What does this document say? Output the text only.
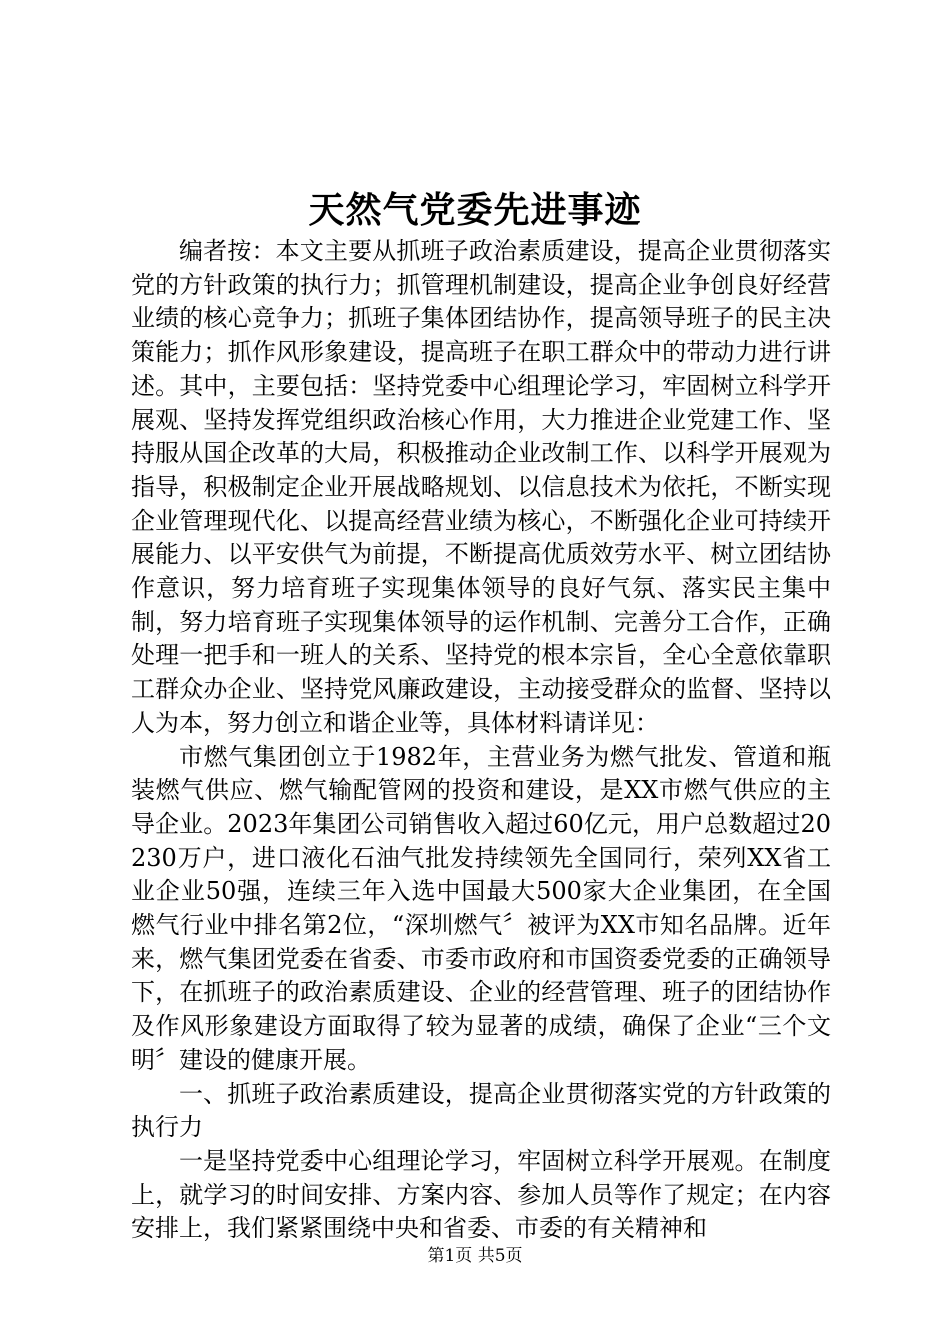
天然气党委先进事迹

编者按：本文主要从抓班子政治素质建设，提高企业贯彻落实党的方针政策的执行力；抓管理机制建设，提高企业争创良好经营业绩的核心竞争力；抓班子集体团结协作，提高领导班子的民主决策能力；抓作风形象建设，提高班子在职工群众中的带动力进行讲述。其中，主要包括：坚持党委中心组理论学习，牢固树立科学开展观、坚持发挥党组织政治核心作用，大力推进企业党建工作、坚持服从国企改革的大局，积极推动企业改制工作、以科学开展观为指导，积极制定企业开展战略规划、以信息技术为依托，不断实现企业管理现代化、以提高经营业绩为核心，不断强化企业可持续开展能力、以平安供气为前提，不断提高优质效劳水平、树立团结协作意识，努力培育班子实现集体领导的良好气氛、落实民主集中制，努力培育班子实现集体领导的运作机制、完善分工合作，正确处理一把手和一班人的关系、坚持党的根本宗旨，全心全意依靠职工群众办企业、坚持党风廉政建设，主动接受群众的监督、坚持以人为本，努力创立和谐企业等，具体材料请详见：

市燃气集团创立于1982年，主营业务为燃气批发、管道和瓶装燃气供应、燃气输配管网的投资和建设，是XX市燃气供应的主导企业。2023年集团公司销售收入超过60亿元，用户总数超过20230万户，进口液化石油气批发持续领先全国同行，荣列XX省工业企业50强，连续三年入选中国最大500家大企业集团，在全国燃气行业中排名第2位，“深圳燃气〞被评为XX市知名品牌。近年来，燃气集团党委在省委、市委市政府和市国资委党委的正确领导下，在抓班子的政治素质建设、企业的经营管理、班子的团结协作及作风形象建设方面取得了较为显著的成绩，确保了企业“三个文明〞建设的健康开展。

一、抓班子政治素质建设，提高企业贯彻落实党的方针政策的执行力

一是坚持党委中心组理论学习，牢固树立科学开展观。在制度上，就学习的时间安排、方案内容、参加人员等作了规定；在内容安排上，我们紧紧围绕中央和省委、市委的有关精神和

第1页 共5页
